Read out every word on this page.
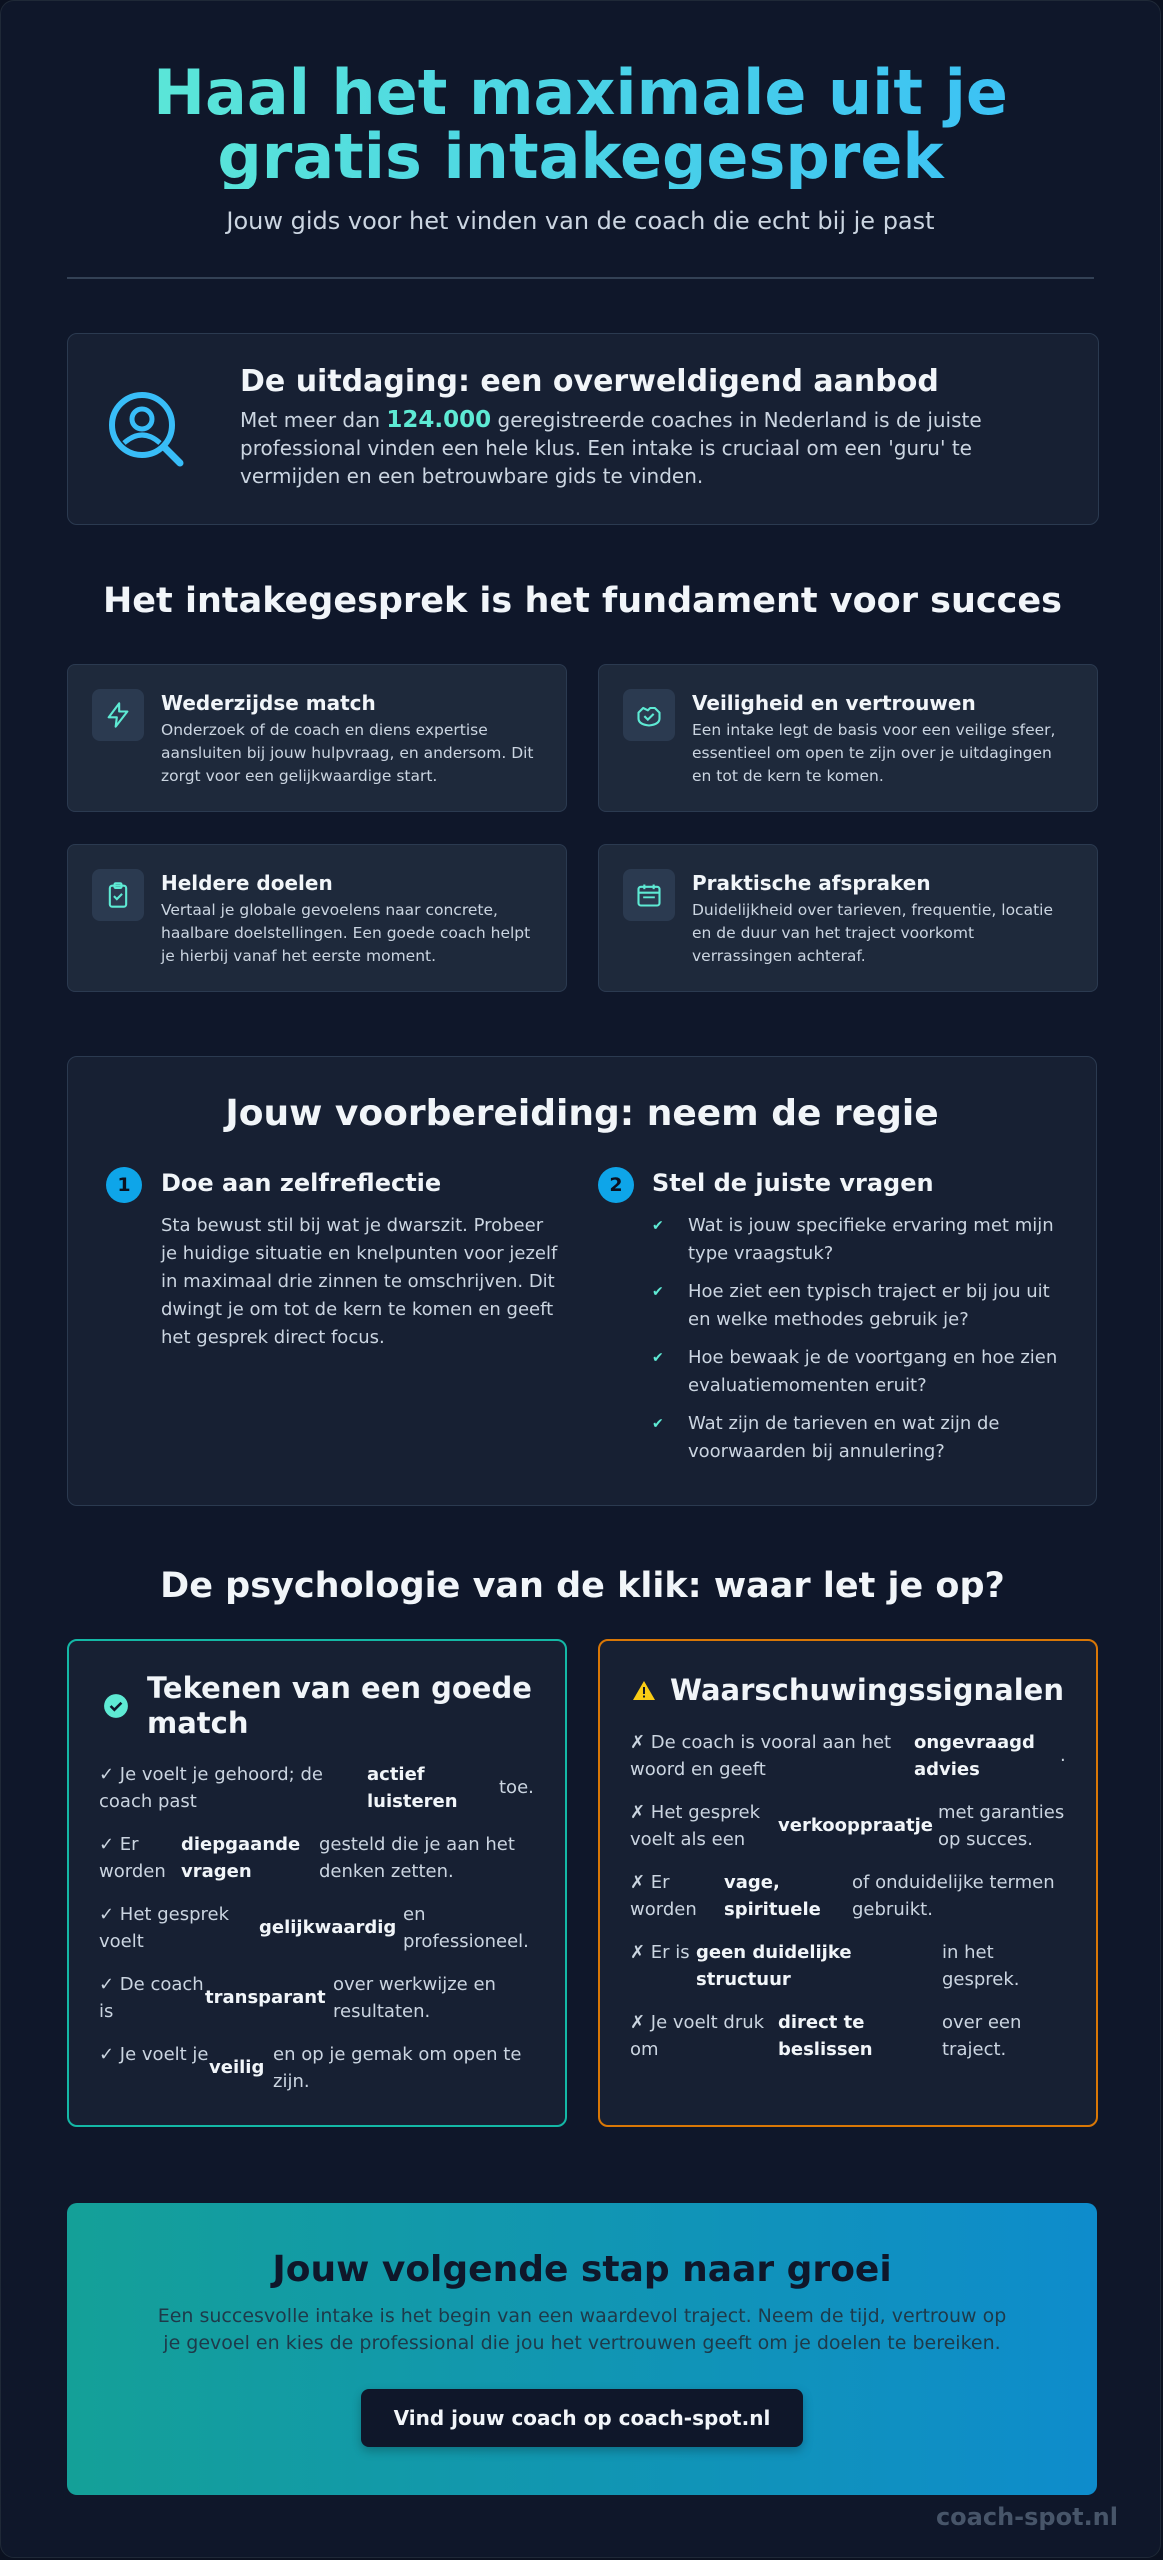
Haal het maximale uit je gratis intakegesprek
Jouw gids voor het vinden van de coach die echt bij je past
De uitdaging: een overweldigend aanbod

Met meer dan 124.000 geregistreerde coaches in Nederland is de juiste professional vinden een hele klus. Een intake is cruciaal om een 'guru' te vermijden en een betrouwbare gids te vinden.

Het intakegesprek is het fundament voor succes
Wederzijdse match

Onderzoek of de coach en diens expertise aansluiten bij jouw hulpvraag, en andersom. Dit zorgt voor een gelijkwaardige start.

Veiligheid en vertrouwen

Een intake legt de basis voor een veilige sfeer, essentieel om open te zijn over je uitdagingen en tot de kern te komen.

Heldere doelen

Vertaal je globale gevoelens naar concrete, haalbare doelstellingen. Een goede coach helpt je hierbij vanaf het eerste moment.

Praktische afspraken

Duidelijkheid over tarieven, frequentie, locatie en de duur van het traject voorkomt verrassingen achteraf.

Jouw voorbereiding: neem de regie
1	Doe aan zelfreflectie

Sta bewust stil bij wat je dwarszit. Probeer je huidige situatie en knelpunten voor jezelf in maximaal drie zinnen te omschrijven. Dit dwingt je om tot de kern te komen en geeft het gesprek direct focus.

2	Stel de juiste vragen
✔ Wat is jouw specifieke ervaring met mijn type vraagstuk?
✔ Hoe ziet een typisch traject er bij jou uit en welke methodes gebruik je?
✔ Hoe bewaak je de voortgang en hoe zien evaluatiemomenten eruit?
✔ Wat zijn de tarieven en wat zijn de voorwaarden bij annulering?
De psychologie van de klik: waar let je op?
Tekenen van een goede
match
✓ Je voelt je gehoord; de coach past
actief luisteren
toe.
✓ Er worden
diepgaande vragen
gesteld die je aan het denken zetten.
✓ Het gesprek voelt
gelijkwaardig
en professioneel.
✓ De coach is
transparant
over werkwijze en resultaten.
✓ Je voelt je
veilig
en op je gemak om open te zijn.
Waarschuwingssignalen
✗ De coach is vooral aan het woord en geeft
ongevraagd advies
.
✗ Het gesprek voelt als een
verkooppraatje
met garanties op succes.
✗ Er worden
vage, spirituele
of onduidelijke termen gebruikt.
✗ Er is geen duidelijke structuur
in het gesprek.
✗ Je voelt druk om
direct te beslissen
over een traject.
Jouw volgende stap naar groei

Een succesvolle intake is het begin van een waardevol traject. Neem de tijd, vertrouw op je gevoel en kies de professional die jou het vertrouwen geeft om je doelen te bereiken.

Vind jouw coach op coach-spot.nl
coach-spot.nl
